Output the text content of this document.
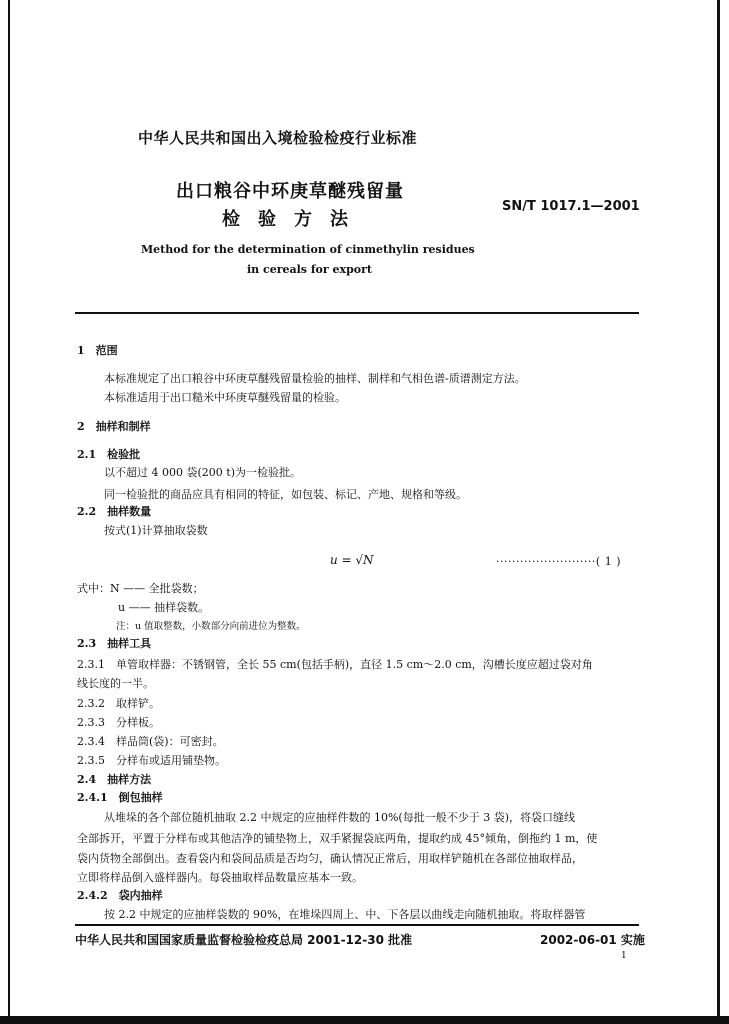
中华人民共和国出入境检验检疫行业标准
出口粮谷中环庚草醚残留量
检验方法
SN/T 1017.1—2001
Method for the determination of cinmethylin residues
in cereals for export
1　范围
本标准规定了出口粮谷中环庚草醚残留量检验的抽样、制样和气相色谱-质谱测定方法。
本标准适用于出口糙米中环庚草醚残留量的检验。
2　抽样和制样
2.1　检验批
以不超过 4 000 袋(200 t)为一检验批。
同一检验批的商品应具有相同的特征，如包装、标记、产地、规格和等级。
2.2　抽样数量
按式(1)计算抽取袋数
u = √N	·························( 1 )
式中：N —— 全批袋数；
u —— 抽样袋数。
注：u 值取整数，小数部分向前进位为整数。
2.3　抽样工具
2.3.1　单管取样器：不锈钢管，全长 55 cm(包括手柄)，直径 1.5 cm～2.0 cm，沟槽长度应超过袋对角
线长度的一半。
2.3.2　取样铲。
2.3.3　分样板。
2.3.4　样品筒(袋)：可密封。
2.3.5　分样布或适用铺垫物。
2.4　抽样方法
2.4.1　倒包抽样
从堆垛的各个部位随机抽取 2.2 中规定的应抽样件数的 10%(每批一般不少于 3 袋)，将袋口缝线
全部拆开，平置于分样布或其他洁净的铺垫物上，双手紧握袋底两角，提取约成 45°倾角，倒拖约 1 m，使
袋内货物全部倒出。查看袋内和袋间品质是否均匀，确认情况正常后，用取样铲随机在各部位抽取样品，
立即将样品倒入盛样器内。每袋抽取样品数量应基本一致。
2.4.2　袋内抽样
按 2.2 中规定的应抽样袋数的 90%，在堆垛四周上、中、下各层以曲线走向随机抽取。将取样器管
中华人民共和国国家质量监督检验检疫总局 2001-12-30 批准	2002-06-01 实施
1
